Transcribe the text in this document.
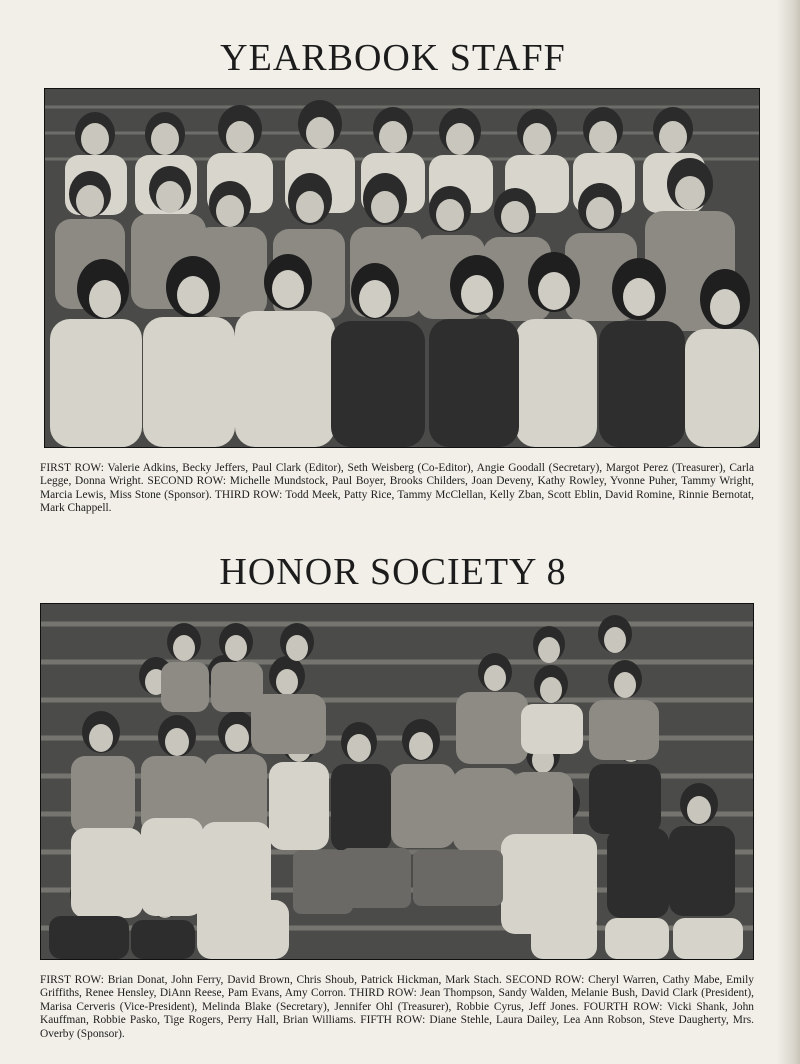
YEARBOOK STAFF

FIRST ROW: Valerie Adkins, Becky Jeffers, Paul Clark (Editor), Seth Weisberg (Co-Editor), Angie Goodall (Secretary), Margot Perez (Treasurer), Carla Legge, Donna Wright. SECOND ROW: Michelle Mundstock, Paul Boyer, Brooks Childers, Joan Deveny, Kathy Rowley, Yvonne Puher, Tammy Wright, Marcia Lewis, Miss Stone (Sponsor). THIRD ROW: Todd Meek, Patty Rice, Tammy McClellan, Kelly Zban, Scott Eblin, David Romine, Rinnie Bernotat, Mark Chappell.

HONOR SOCIETY 8

FIRST ROW: Brian Donat, John Ferry, David Brown, Chris Shoub, Patrick Hickman, Mark Stach. SECOND ROW: Cheryl Warren, Cathy Mabe, Emily Griffiths, Renee Hensley, DiAnn Reese, Pam Evans, Amy Corron. THIRD ROW: Jean Thompson, Sandy Walden, Melanie Bush, David Clark (President), Marisa Cerveris (Vice-President), Melinda Blake (Secretary), Jennifer Ohl (Treasurer), Robbie Cyrus, Jeff Jones. FOURTH ROW: Vicki Shank, John Kauffman, Robbie Pasko, Tige Rogers, Perry Hall, Brian Williams. FIFTH ROW: Diane Stehle, Laura Dailey, Lea Ann Robson, Steve Daugherty, Mrs. Overby (Sponsor).
